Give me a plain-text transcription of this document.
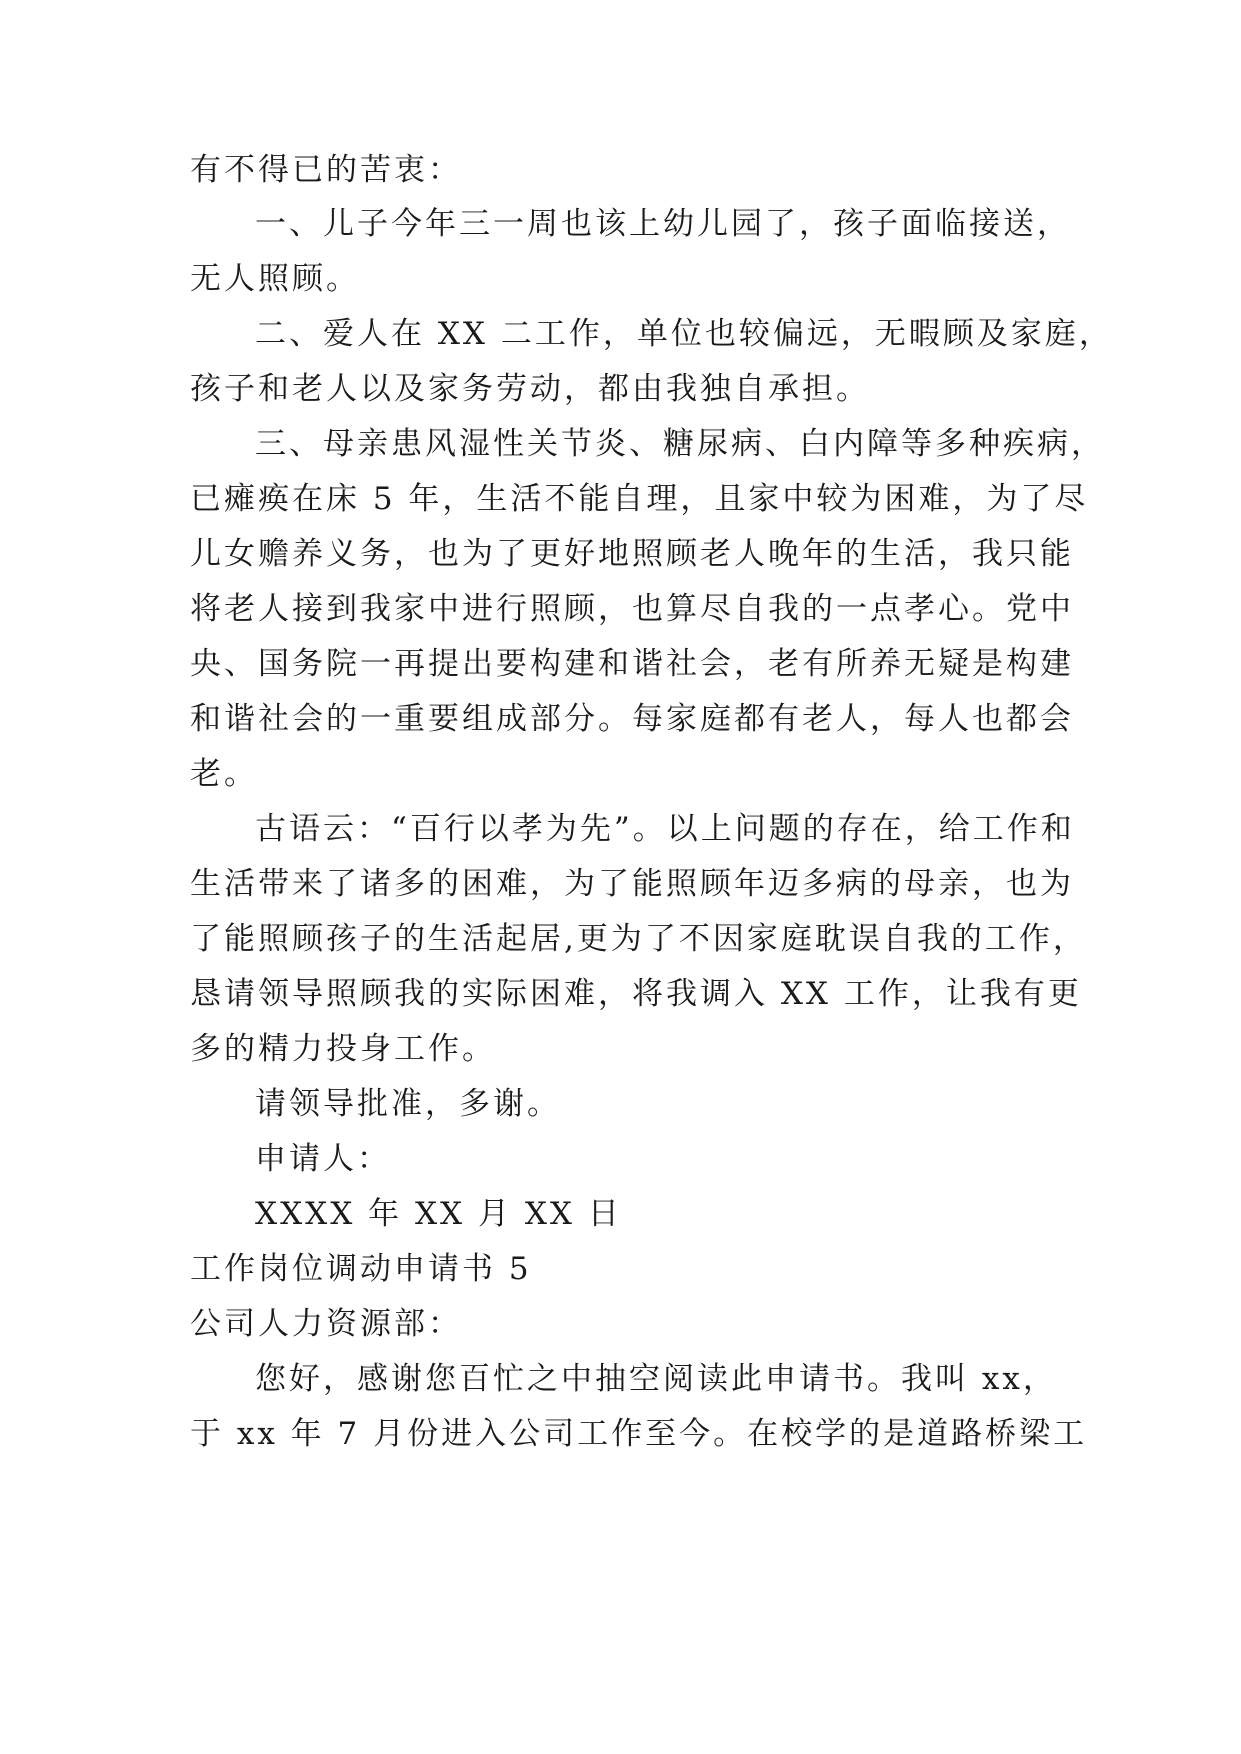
有不得已的苦衷：
一、儿子今年三一周也该上幼儿园了，孩子面临接送，
无人照顾。
二、爱人在 XX 二工作，单位也较偏远，无暇顾及家庭，
孩子和老人以及家务劳动，都由我独自承担。
三、母亲患风湿性关节炎、糖尿病、白内障等多种疾病，
已瘫痪在床 5 年，生活不能自理，且家中较为困难，为了尽
儿女赡养义务，也为了更好地照顾老人晚年的生活，我只能
将老人接到我家中进行照顾，也算尽自我的一点孝心。党中
央、国务院一再提出要构建和谐社会，老有所养无疑是构建
和谐社会的一重要组成部分。每家庭都有老人，每人也都会
老。
古语云：“百行以孝为先”。以上问题的存在，给工作和
生活带来了诸多的困难，为了能照顾年迈多病的母亲，也为
了能照顾孩子的生活起居,更为了不因家庭耽误自我的工作，
恳请领导照顾我的实际困难，将我调入 XX 工作，让我有更
多的精力投身工作。
请领导批准，多谢。
申请人：
XXXX 年 XX 月 XX 日
工作岗位调动申请书 5
公司人力资源部：
您好，感谢您百忙之中抽空阅读此申请书。我叫 xx，
于 xx 年 7 月份进入公司工作至今。在校学的是道路桥梁工
